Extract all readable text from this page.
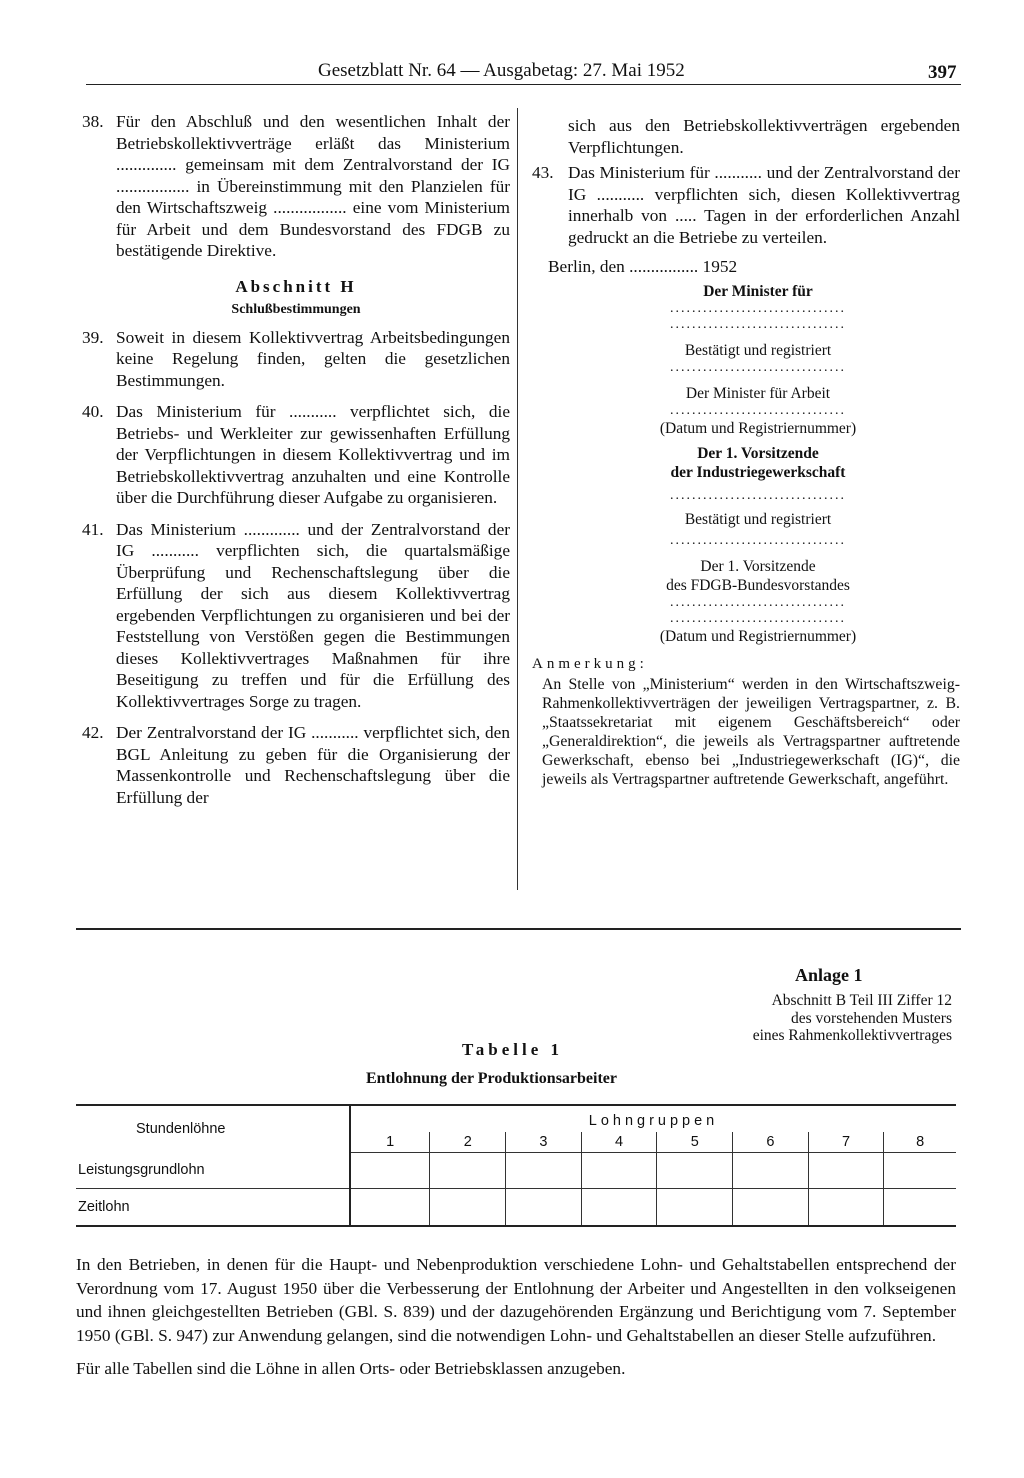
Gesetzblatt Nr. 64 — Ausgabetag: 27. Mai 1952	397
38. Für den Abschluß und den wesentlichen Inhalt der Betriebskollektivverträge erläßt das Ministerium .............. gemeinsam mit dem Zentralvorstand der IG ................. in Übereinstimmung mit den Planzielen für den Wirtschaftszweig ................. eine vom Ministerium für Arbeit und dem Bundesvorstand des FDGB zu bestätigende Direktive.
Abschnitt H
Schlußbestimmungen
39. Soweit in diesem Kollektivvertrag Arbeitsbedingungen keine Regelung finden, gelten die gesetzlichen Bestimmungen.
40. Das Ministerium für ........... verpflichtet sich, die Betriebs- und Werkleiter zur gewissenhaften Erfüllung der Verpflichtungen in diesem Kollektivvertrag und im Betriebskollektivvertrag anzuhalten und eine Kontrolle über die Durchführung dieser Aufgabe zu organisieren.
41. Das Ministerium ............. und der Zentralvorstand der IG ........... verpflichten sich, die quartalsmäßige Überprüfung und Rechenschaftslegung über die Erfüllung der sich aus diesem Kollektivvertrag ergebenden Verpflichtungen zu organisieren und bei der Feststellung von Verstößen gegen die Bestimmungen dieses Kollektivvertrages Maßnahmen für ihre Beseitigung zu treffen und für die Erfüllung des Kollektivvertrages Sorge zu tragen.
42. Der Zentralvorstand der IG ........... verpflichtet sich, den BGL Anleitung zu geben für die Organisierung der Massenkontrolle und Rechenschaftslegung über die Erfüllung der
sich aus den Betriebskollektivverträgen ergebenden Verpflichtungen.
43. Das Ministerium für ........... und der Zentralvorstand der IG ........... verpflichten sich, diesen Kollektivvertrag innerhalb von ..... Tagen in der erforderlichen Anzahl gedruckt an die Betriebe zu verteilen.
Berlin, den ................ 1952
Der Minister für
................................
................................
Bestätigt und registriert
................................
Der Minister für Arbeit
................................
(Datum und Registriernummer)
Der 1. Vorsitzende
der Industriegewerkschaft
................................
Bestätigt und registriert
................................
Der 1. Vorsitzende
des FDGB-Bundesvorstandes
................................
................................
(Datum und Registriernummer)
Anmerkung:
An Stelle von „Ministerium“ werden in den Wirtschaftszweig-Rahmenkollektivverträgen der jeweiligen Vertragspartner, z. B. „Staatssekretariat mit eigenem Geschäftsbereich“ oder „Generaldirektion“, die jeweils als Vertragspartner auftretende Gewerkschaft, ebenso bei „Industriegewerkschaft (IG)“, die jeweils als Vertragspartner auftretende Gewerkschaft, angeführt.
Anlage 1
Abschnitt B Teil III Ziffer 12
des vorstehenden Musters
eines Rahmenkollektivvertrages
Tabelle 1
Entlohnung der Produktionsarbeiter
Stundenlöhne	Lohngruppen							
	1	2	3	4	5	6	7	8
Leistungsgrundlohn								
Zeitlohn								

In den Betrieben, in denen für die Haupt- und Nebenproduktion verschiedene Lohn- und Gehaltstabellen entsprechend der Verordnung vom 17. August 1950 über die Verbesserung der Entlohnung der Arbeiter und Angestellten in den volkseigenen und ihnen gleichgestellten Betrieben (GBl. S. 839) und der dazugehörenden Ergänzung und Berichtigung vom 7. September 1950 (GBl. S. 947) zur Anwendung gelangen, sind die notwendigen Lohn- und Gehaltstabellen an dieser Stelle aufzuführen.

Für alle Tabellen sind die Löhne in allen Orts- oder Betriebsklassen anzugeben.
